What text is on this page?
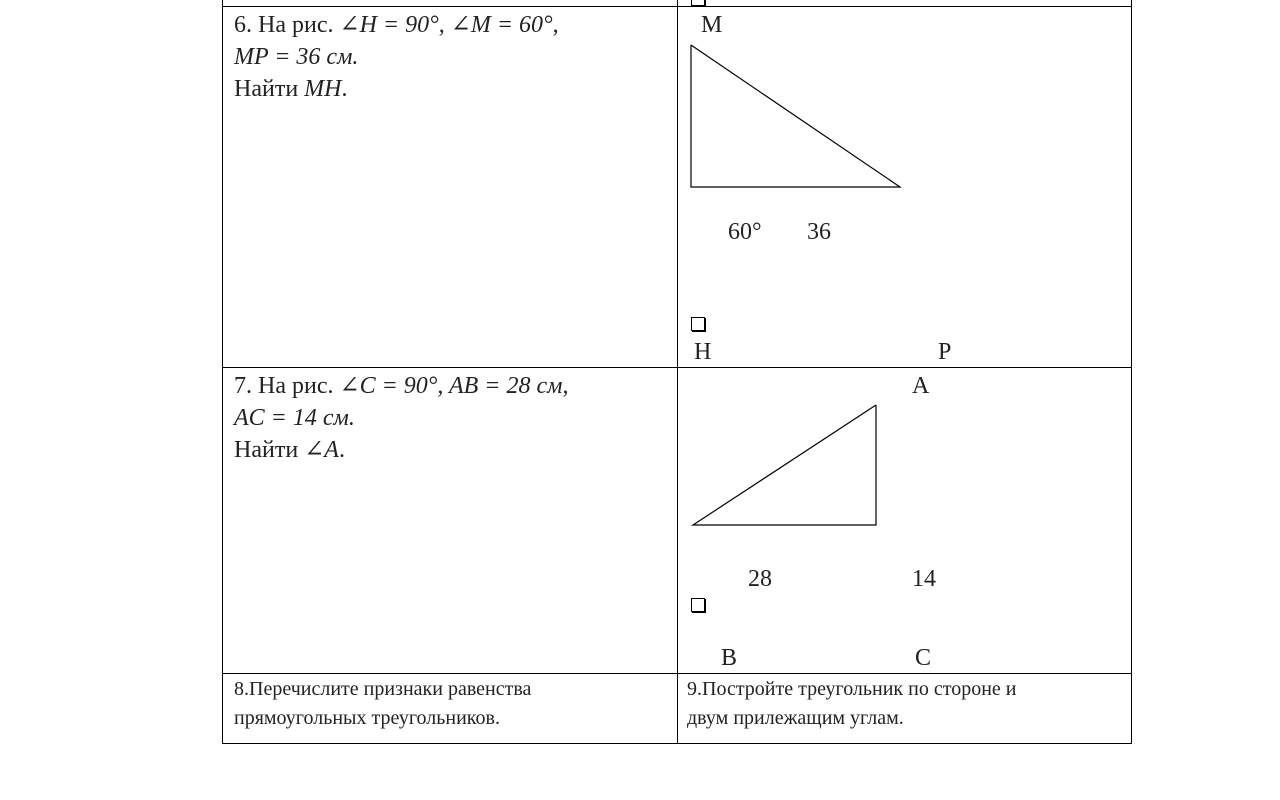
6. На рис. ∠H = 90°, ∠M = 60°,
MP = 36 см.
Найти MH.
M
60° 36
H	P
7. На рис. ∠C = 90°, AB = 28 см,
AC = 14 см.
Найти ∠A.
A
28	14
B	C
8.Перечислите признаки равенства
прямоугольных треугольников.
9.Постройте треугольник по стороне и
двум прилежащим углам.
